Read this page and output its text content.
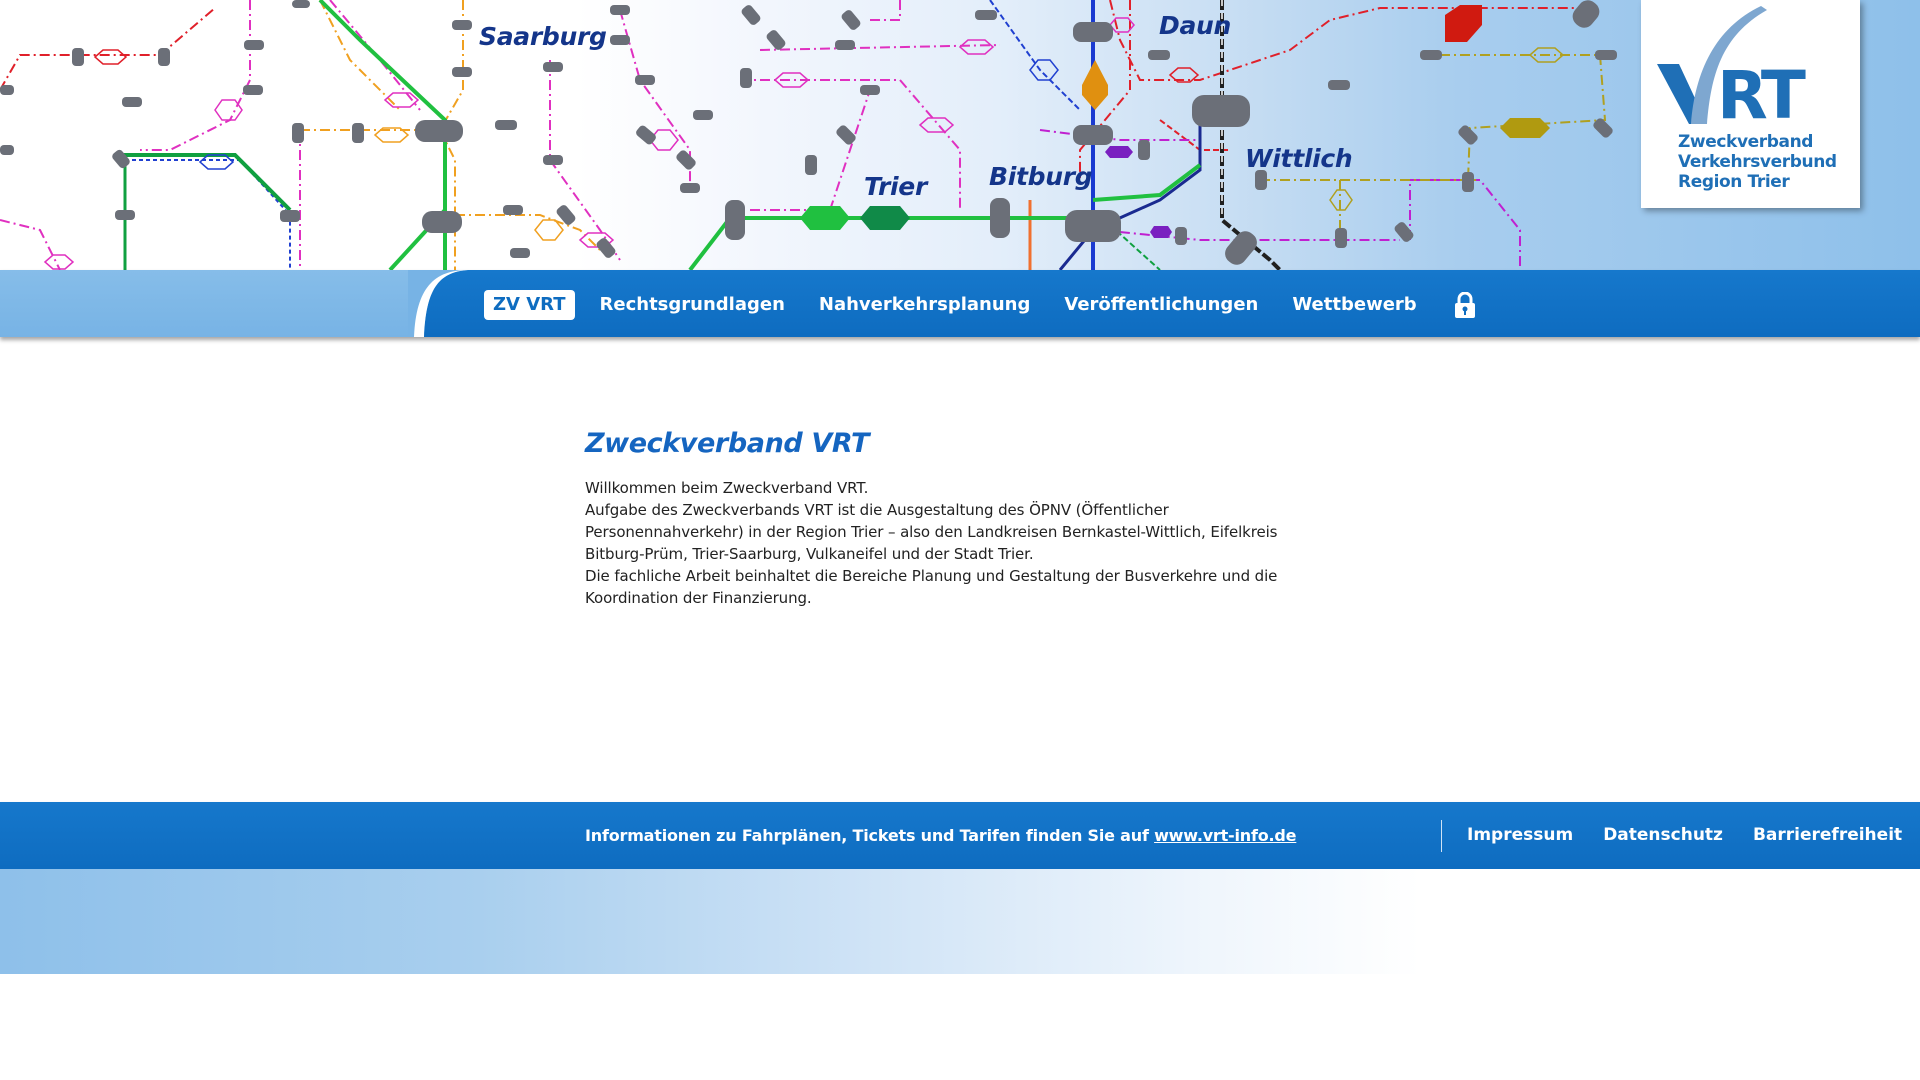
Saarburg	Daun
Trier Bitburg
Wittlich
RT
Zweckverband
Verkehrsverbund
Region Trier
ZV VRT	Rechtsgrundlagen	Nahverkehrsplanung	Veröffentlichungen	Wettbewerb
Zweckverband VRT

Willkommen beim Zweckverband VRT.

Aufgabe des Zweckverbands VRT ist die Ausgestaltung des ÖPNV (Öffentlicher Personennahverkehr) in der Region Trier – also den Landkreisen Bernkastel-Wittlich, Eifelkreis Bitburg-Prüm, Trier-Saarburg, Vulkaneifel und der Stadt Trier.

Die fachliche Arbeit beinhaltet die Bereiche Planung und Gestaltung der Busverkehre und die Koordination der Finanzierung.

Informationen zu Fahrplänen, Tickets und Tarifen finden Sie auf www.vrt-info.de	Impressum Datenschutz Barrierefreiheit
